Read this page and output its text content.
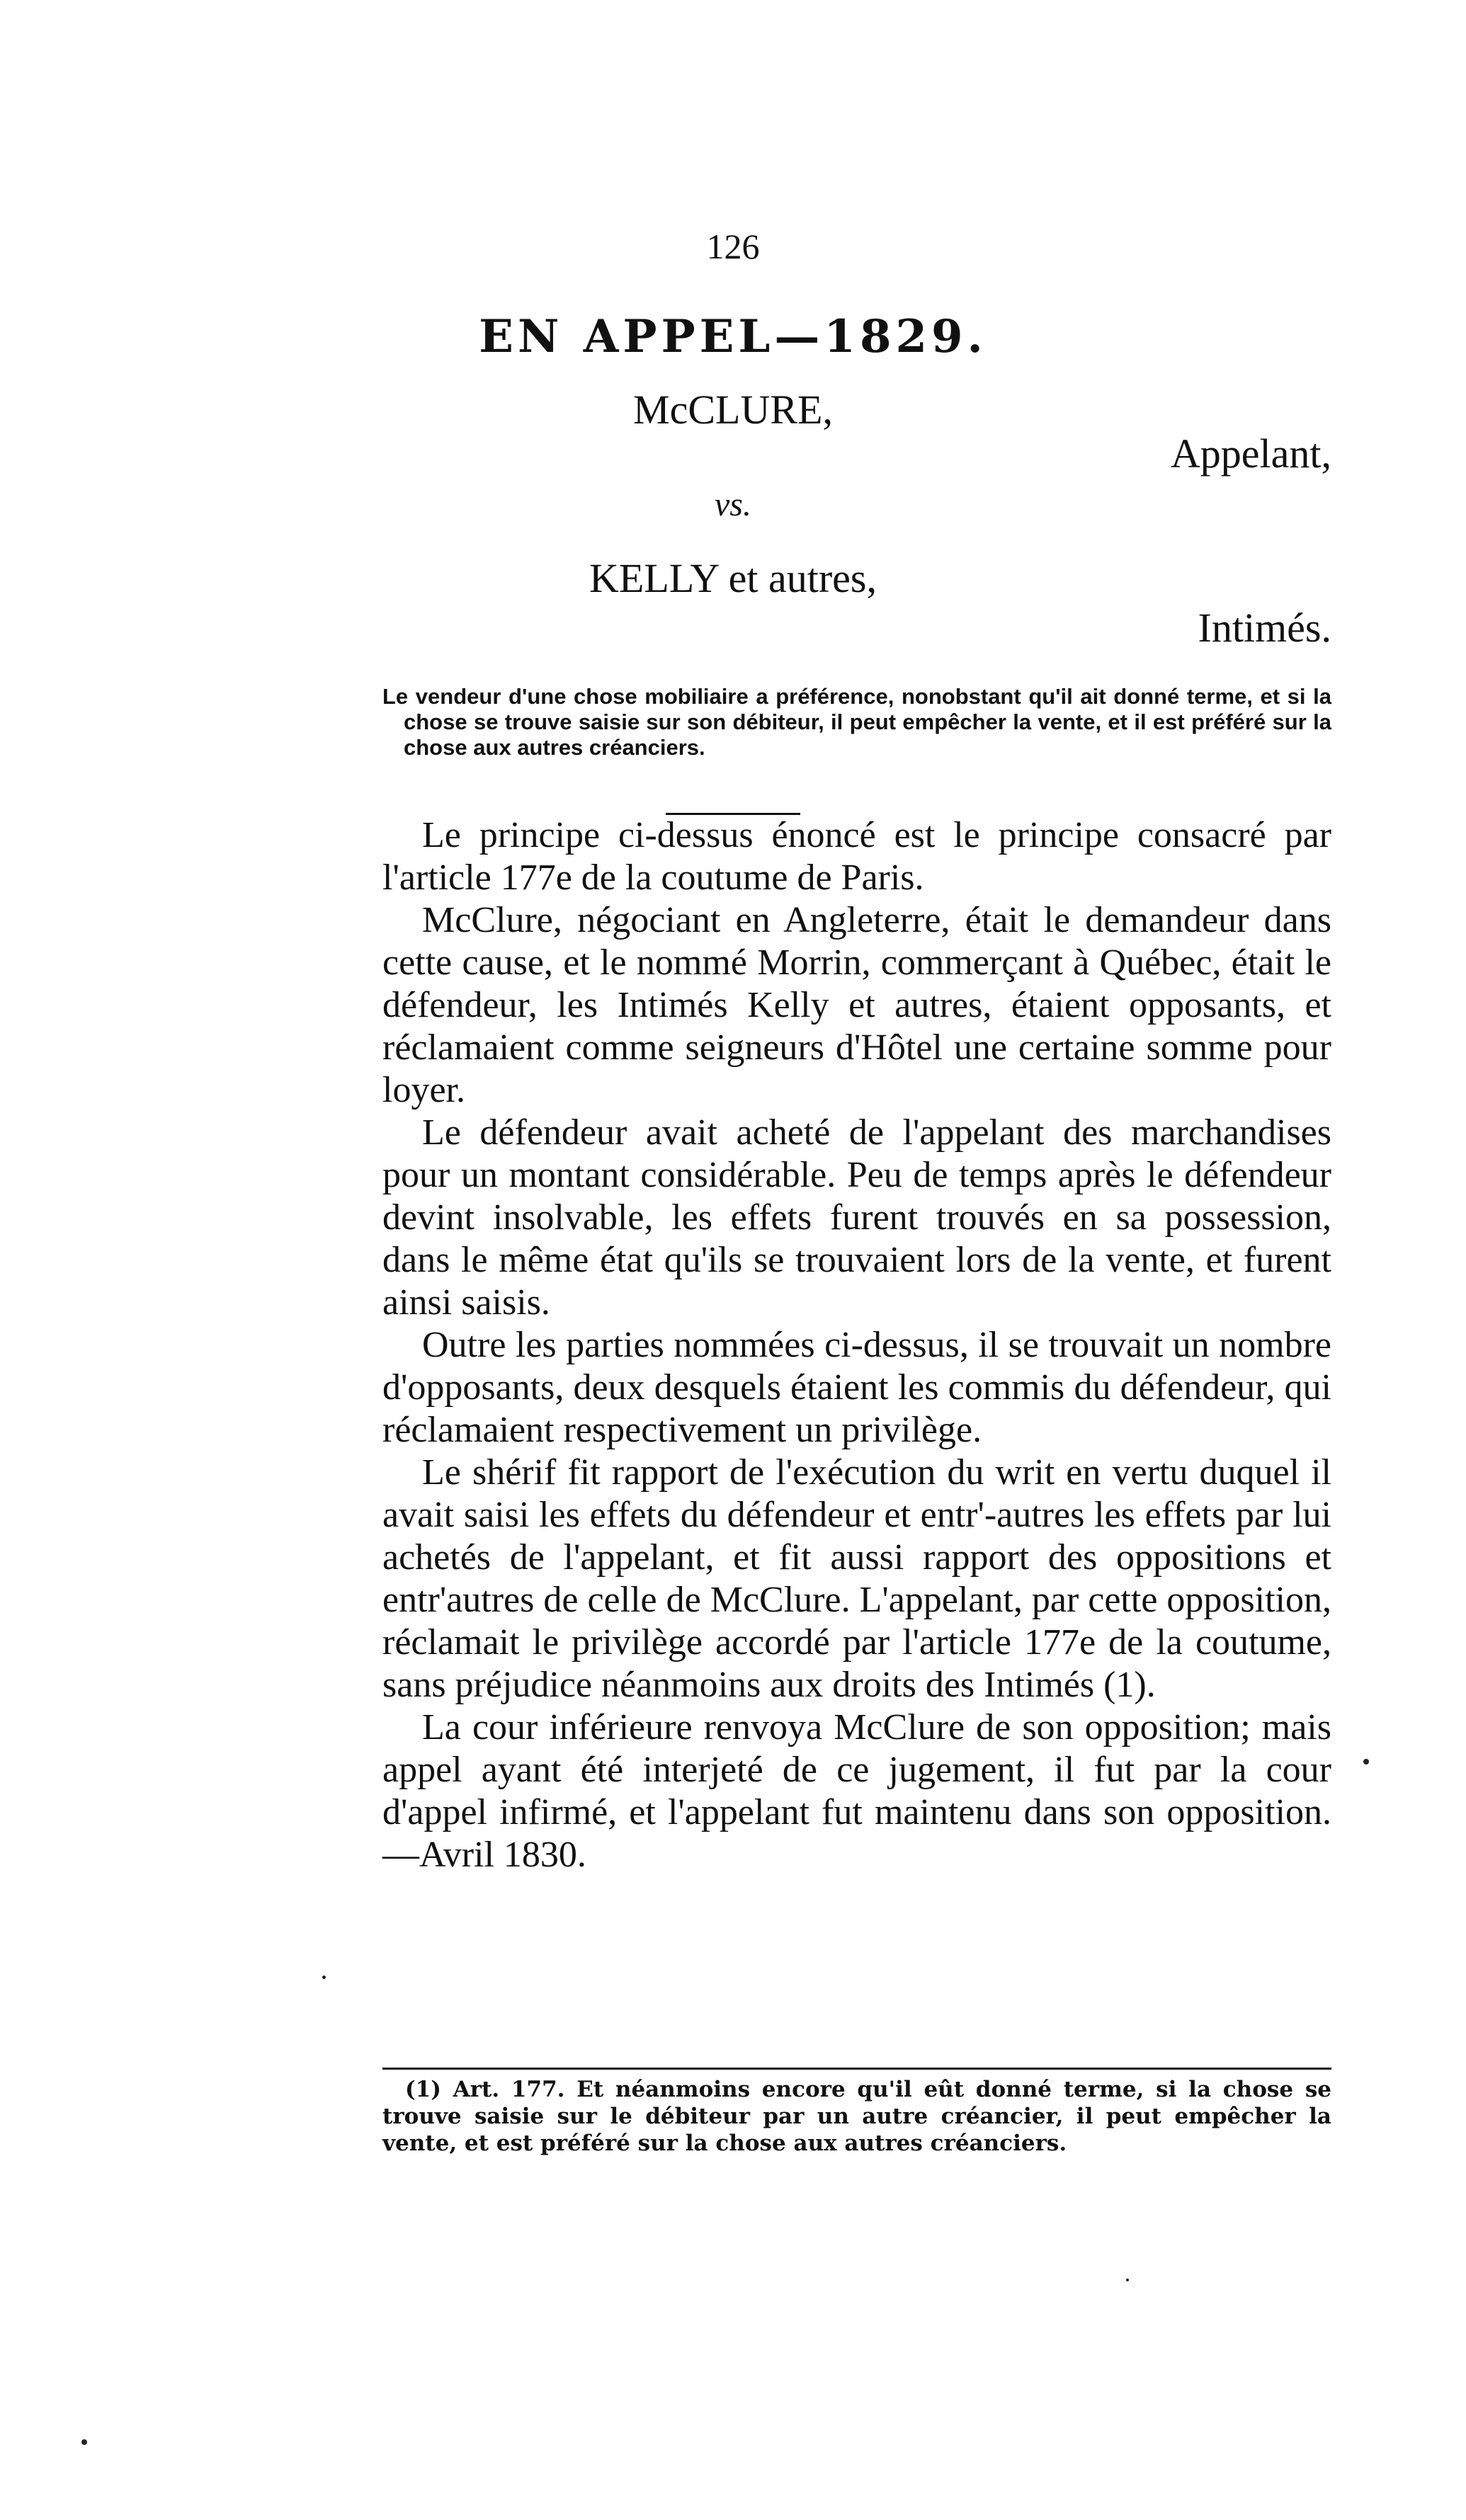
126
EN APPEL—1829.
McCLURE,
Appelant,
vs.
KELLY et autres,
Intimés.
Le vendeur d'une chose mobiliaire a préférence, nonobstant qu'il ait donné terme, et si la chose se trouve saisie sur son débiteur, il peut empêcher la vente, et il est préféré sur la chose aux autres créanciers.

Le principe ci-dessus énoncé est le principe consacré par l'article 177e de la coutume de Paris.

McClure, négociant en Angleterre, était le demandeur dans cette cause, et le nommé Morrin, commerçant à Québec, était le défendeur, les Intimés Kelly et autres, étaient opposants, et réclamaient comme seigneurs d'Hôtel une certaine somme pour loyer.

Le défendeur avait acheté de l'appelant des marchandises pour un montant considérable. Peu de temps après le défendeur devint insolvable, les effets furent trouvés en sa possession, dans le même état qu'ils se trouvaient lors de la vente, et furent ainsi saisis.

Outre les parties nommées ci-dessus, il se trouvait un nombre d'opposants, deux desquels étaient les commis du défendeur, qui réclamaient respectivement un privilège.

Le shérif fit rapport de l'exécution du writ en vertu duquel il avait saisi les effets du défendeur et entr'-autres les effets par lui achetés de l'appelant, et fit aussi rapport des oppositions et entr'autres de celle de McClure. L'appelant, par cette opposition, réclamait le privilège accordé par l'article 177e de la coutume, sans préjudice néanmoins aux droits des Intimés (1).

La cour inférieure renvoya McClure de son opposition; mais appel ayant été interjeté de ce jugement, il fut par la cour d'appel infirmé, et l'appelant fut maintenu dans son opposition.—Avril 1830.

(1) Art. 177. Et néanmoins encore qu'il eût donné terme, si la chose se trouve saisie sur le débiteur par un autre créancier, il peut empêcher la vente, et est préféré sur la chose aux autres créanciers.
